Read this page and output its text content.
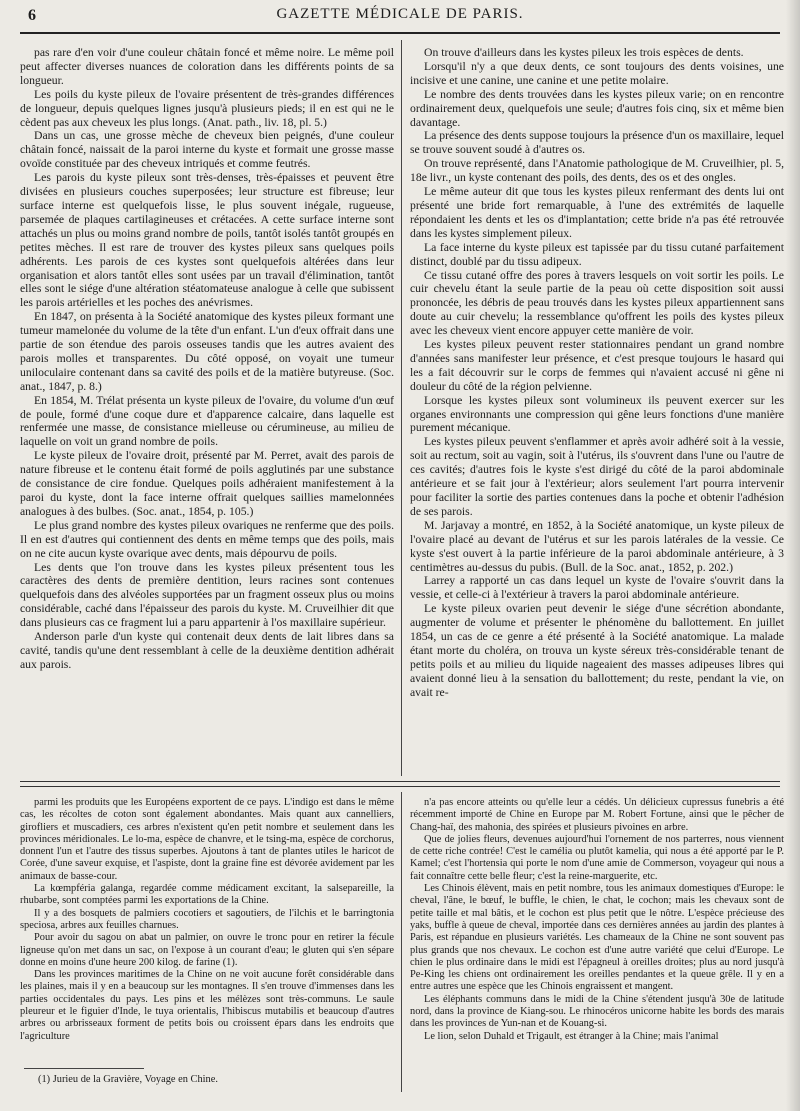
6	GAZETTE MÉDICALE DE PARIS.

pas rare d'en voir d'une couleur châtain foncé et même noire. Le même poil peut affecter diverses nuances de coloration dans les différents points de sa longueur.

Les poils du kyste pileux de l'ovaire présentent de très-grandes différences de longueur, depuis quelques lignes jusqu'à plusieurs pieds; il en est qui ne le cèdent pas aux cheveux les plus longs. (Anat. path., liv. 18, pl. 5.)

Dans un cas, une grosse mèche de cheveux bien peignés, d'une couleur châtain foncé, naissait de la paroi interne du kyste et formait une grosse masse ovoïde constituée par des cheveux intriqués et comme feutrés.

Les parois du kyste pileux sont très-denses, très-épaisses et peuvent être divisées en plusieurs couches superposées; leur structure est fibreuse; leur surface interne est quelquefois lisse, le plus souvent inégale, rugueuse, parsemée de plaques cartilagineuses et crétacées. A cette surface interne sont attachés un plus ou moins grand nombre de poils, tantôt isolés tantôt groupés en petites mèches. Il est rare de trouver des kystes pileux sans quelques poils adhérents. Les parois de ces kystes sont quelquefois altérées dans leur organisation et alors tantôt elles sont usées par un travail d'élimination, tantôt elles sont le siége d'une altération stéatomateuse analogue à celle que subissent les parois artérielles et les poches des anévrismes.

En 1847, on présenta à la Société anatomique des kystes pileux formant une tumeur mamelonée du volume de la tête d'un enfant. L'un d'eux offrait dans une partie de son étendue des parois osseuses tandis que les autres avaient des parois molles et transparentes. Du côté opposé, on voyait une tumeur uniloculaire contenant dans sa cavité des poils et de la matière butyreuse. (Soc. anat., 1847, p. 8.)

En 1854, M. Trélat présenta un kyste pileux de l'ovaire, du volume d'un œuf de poule, formé d'une coque dure et d'apparence calcaire, dans laquelle est renfermée une masse, de consistance mielleuse ou cérumineuse, au milieu de laquelle on voit un grand nombre de poils.

Le kyste pileux de l'ovaire droit, présenté par M. Perret, avait des parois de nature fibreuse et le contenu était formé de poils agglutinés par une substance de consistance de cire fondue. Quelques poils adhéraient manifestement à la paroi du kyste, dont la face interne offrait quelques saillies mamelonnées analogues à des bulbes. (Soc. anat., 1854, p. 105.)

Le plus grand nombre des kystes pileux ovariques ne renferme que des poils. Il en est d'autres qui contiennent des dents en même temps que des poils, mais on ne cite aucun kyste ovarique avec dents, mais dépourvu de poils.

Les dents que l'on trouve dans les kystes pileux présentent tous les caractères des dents de première dentition, leurs racines sont contenues quelquefois dans des alvéoles supportées par un fragment osseux plus ou moins considérable, caché dans l'épaisseur des parois du kyste. M. Cruveilhier dit que dans plusieurs cas ce fragment lui a paru appartenir à l'os maxillaire supérieur.

Anderson parle d'un kyste qui contenait deux dents de lait libres dans sa cavité, tandis qu'une dent ressemblant à celle de la deuxième dentition adhérait aux parois.

On trouve d'ailleurs dans les kystes pileux les trois espèces de dents.

Lorsqu'il n'y a que deux dents, ce sont toujours des dents voisines, une incisive et une canine, une canine et une petite molaire.

Le nombre des dents trouvées dans les kystes pileux varie; on en rencontre ordinairement deux, quelquefois une seule; d'autres fois cinq, six et même bien davantage.

La présence des dents suppose toujours la présence d'un os maxillaire, lequel se trouve souvent soudé à d'autres os.

On trouve représenté, dans l'Anatomie pathologique de M. Cruveilhier, pl. 5, 18e livr., un kyste contenant des poils, des dents, des os et des ongles.

Le même auteur dit que tous les kystes pileux renfermant des dents lui ont présenté une bride fort remarquable, à l'une des extrémités de laquelle répondaient les dents et les os d'implantation; cette bride n'a pas été retrouvée dans les kystes simplement pileux.

La face interne du kyste pileux est tapissée par du tissu cutané parfaitement distinct, doublé par du tissu adipeux.

Ce tissu cutané offre des pores à travers lesquels on voit sortir les poils. Le cuir chevelu étant la seule partie de la peau où cette disposition soit aussi prononcée, les débris de peau trouvés dans les kystes pileux appartiennent sans doute au cuir chevelu; la ressemblance qu'offrent les poils des kystes pileux avec les cheveux vient encore appuyer cette manière de voir.

Les kystes pileux peuvent rester stationnaires pendant un grand nombre d'années sans manifester leur présence, et c'est presque toujours le hasard qui les a fait découvrir sur le corps de femmes qui n'avaient accusé ni gêne ni douleur du côté de la région pelvienne.

Lorsque les kystes pileux sont volumineux ils peuvent exercer sur les organes environnants une compression qui gêne leurs fonctions d'une manière purement mécanique.

Les kystes pileux peuvent s'enflammer et après avoir adhéré soit à la vessie, soit au rectum, soit au vagin, soit à l'utérus, ils s'ouvrent dans l'une ou l'autre de ces cavités; d'autres fois le kyste s'est dirigé du côté de la paroi abdominale antérieure et se fait jour à l'extérieur; alors seulement l'art pourra intervenir pour faciliter la sortie des parties contenues dans la poche et obtenir l'adhésion de ses parois.

M. Jarjavay a montré, en 1852, à la Société anatomique, un kyste pileux de l'ovaire placé au devant de l'utérus et sur les parois latérales de la vessie. Ce kyste s'est ouvert à la partie inférieure de la paroi abdominale antérieure, à 3 centimètres au-dessus du pubis. (Bull. de la Soc. anat., 1852, p. 202.)

Larrey a rapporté un cas dans lequel un kyste de l'ovaire s'ouvrit dans la vessie, et celle-ci à l'extérieur à travers la paroi abdominale antérieure.

Le kyste pileux ovarien peut devenir le siége d'une sécrétion abondante, augmenter de volume et présenter le phénomène du ballottement. En juillet 1854, un cas de ce genre a été présenté à la Société anatomique. La malade étant morte du choléra, on trouva un kyste séreux très-considérable tenant de petits poils et au milieu du liquide nageaient des masses adipeuses libres qui avaient donné lieu à la sensation du ballottement; du reste, pendant la vie, on avait re-

parmi les produits que les Européens exportent de ce pays. L'indigo est dans le même cas, les récoltes de coton sont également abondantes. Mais quant aux cannelliers, girofliers et muscadiers, ces arbres n'existent qu'en petit nombre et seulement dans les provinces méridionales. Le lo-ma, espèce de chanvre, et le tsing-ma, espèce de corchorus, donnent l'un et l'autre des tissus superbes. Ajoutons à tant de plantes utiles le haricot de Corée, d'une saveur exquise, et l'aspiste, dont la graine fine est dévorée avidement par les animaux de basse-cour.

La kœmpféria galanga, regardée comme médicament excitant, la salsepareille, la rhubarbe, sont comptées parmi les exportations de la Chine.

Il y a des bosquets de palmiers cocotiers et sagoutiers, de l'ilchis et le barringtonia speciosa, arbres aux feuilles charnues.

Pour avoir du sagou on abat un palmier, on ouvre le tronc pour en retirer la fécule ligneuse qu'on met dans un sac, on l'expose à un courant d'eau; le gluten qui s'en sépare donne en moins d'une heure 200 kilog. de farine (1).

Dans les provinces maritimes de la Chine on ne voit aucune forêt considérable dans les plaines, mais il y en a beaucoup sur les montagnes. Il s'en trouve d'immenses dans les parties occidentales du pays. Les pins et les mélèzes sont très-communs. Le saule pleureur et le figuier d'Inde, le tuya orientalis, l'hibiscus mutabilis et beaucoup d'autres arbres ou arbrisseaux forment de petits bois ou croissent épars dans les endroits que l'agriculture

n'a pas encore atteints ou qu'elle leur a cédés. Un délicieux cupressus funebris a été récemment importé de Chine en Europe par M. Robert Fortune, ainsi que le pêcher de Chang-haï, des mahonia, des spirées et plusieurs pivoines en arbre.

Que de jolies fleurs, devenues aujourd'hui l'ornement de nos parterres, nous viennent de cette riche contrée! C'est le camélia ou plutôt kamelia, qui nous a été apporté par le P. Kamel; c'est l'hortensia qui porte le nom d'une amie de Commerson, voyageur qui nous a fait connaître cette belle fleur; c'est la reine-marguerite, etc.

Les Chinois élèvent, mais en petit nombre, tous les animaux domestiques d'Europe: le cheval, l'âne, le bœuf, le buffle, le chien, le chat, le cochon; mais les chevaux sont de petite taille et mal bâtis, et le cochon est plus petit que le nôtre. L'espèce précieuse des yaks, buffle à queue de cheval, importée dans ces dernières années au jardin des plantes à Paris, est répandue en plusieurs variétés. Les chameaux de la Chine ne sont souvent pas plus grands que nos chevaux. Le cochon est d'une autre variété que celui d'Europe. Le chien le plus ordinaire dans le midi est l'épagneul à oreilles droites; plus au nord jusqu'à Pe-King les chiens ont ordinairement les oreilles pendantes et la queue grêle. Il y en a entre autres une espèce que les Chinois engraissent et mangent.

Les éléphants communs dans le midi de la Chine s'étendent jusqu'à 30e de latitude nord, dans la province de Kiang-sou. Le rhinocéros unicorne habite les bords des marais dans les provinces de Yun-nan et de Kouang-si.

Le lion, selon Duhald et Trigault, est étranger à la Chine; mais l'animal

(1) Jurieu de la Gravière, Voyage en Chine.
